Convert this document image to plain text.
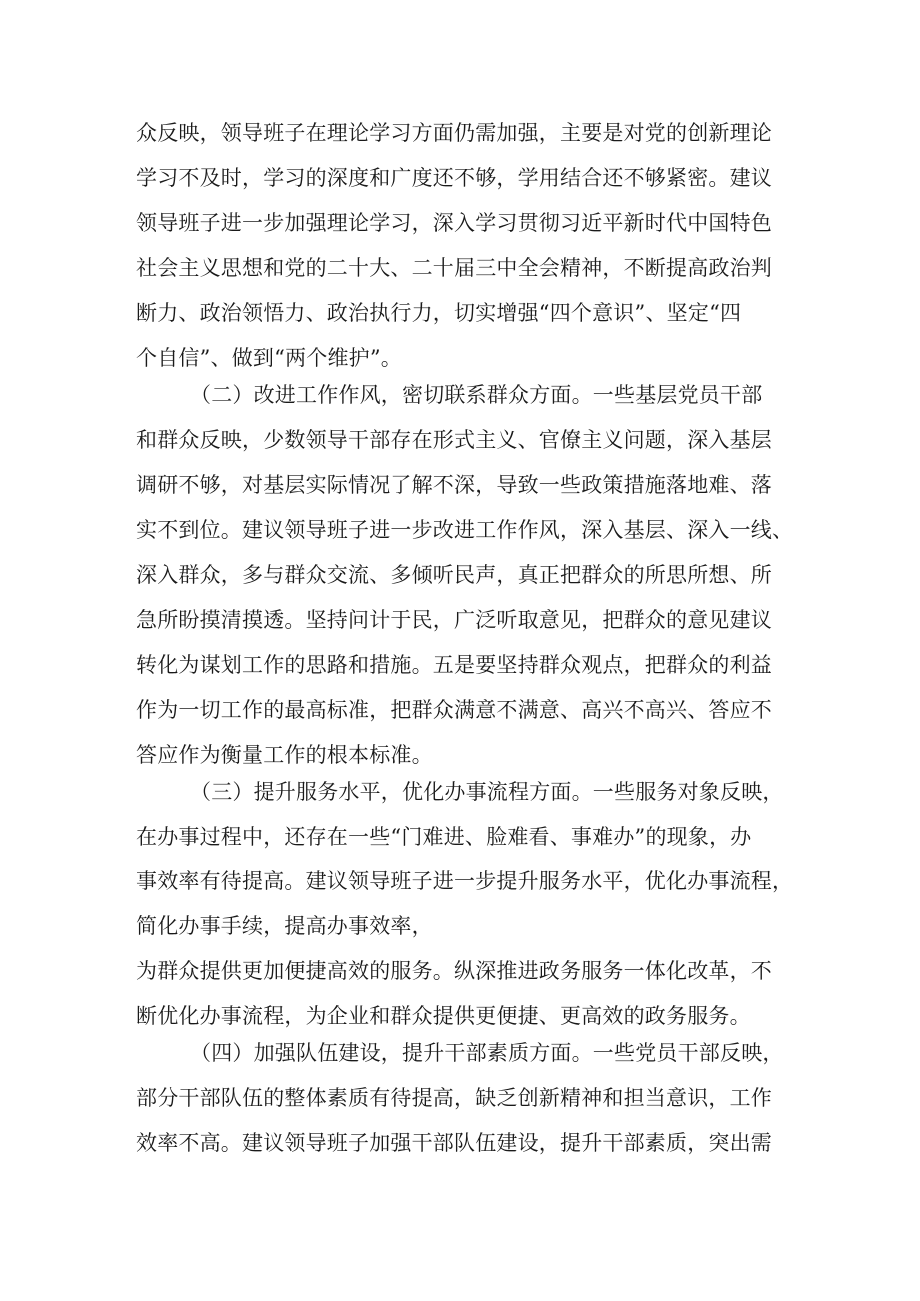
众反映，领导班子在理论学习方面仍需加强，主要是对党的创新理论
学习不及时，学习的深度和广度还不够，学用结合还不够紧密。建议
领导班子进一步加强理论学习，深入学习贯彻习近平新时代中国特色
社会主义思想和党的二十大、二十届三中全会精神，不断提高政治判
断力、政治领悟力、政治执行力，切实增强“四个意识”、坚定“四
个自信”、做到“两个维护”。
（二）改进工作作风，密切联系群众方面。一些基层党员干部
和群众反映，少数领导干部存在形式主义、官僚主义问题，深入基层
调研不够，对基层实际情况了解不深，导致一些政策措施落地难、落
实不到位。建议领导班子进一步改进工作作风，深入基层、深入一线、
深入群众，多与群众交流、多倾听民声，真正把群众的所思所想、所
急所盼摸清摸透。坚持问计于民，广泛听取意见，把群众的意见建议
转化为谋划工作的思路和措施。五是要坚持群众观点，把群众的利益
作为一切工作的最高标准，把群众满意不满意、高兴不高兴、答应不
答应作为衡量工作的根本标准。
（三）提升服务水平，优化办事流程方面。一些服务对象反映，
在办事过程中，还存在一些“门难进、脸难看、事难办”的现象，办
事效率有待提高。建议领导班子进一步提升服务水平，优化办事流程，
简化办事手续，提高办事效率，
为群众提供更加便捷高效的服务。纵深推进政务服务一体化改革，不
断优化办事流程，为企业和群众提供更便捷、更高效的政务服务。
（四）加强队伍建设，提升干部素质方面。一些党员干部反映，
部分干部队伍的整体素质有待提高，缺乏创新精神和担当意识，工作
效率不高。建议领导班子加强干部队伍建设，提升干部素质，突出需
